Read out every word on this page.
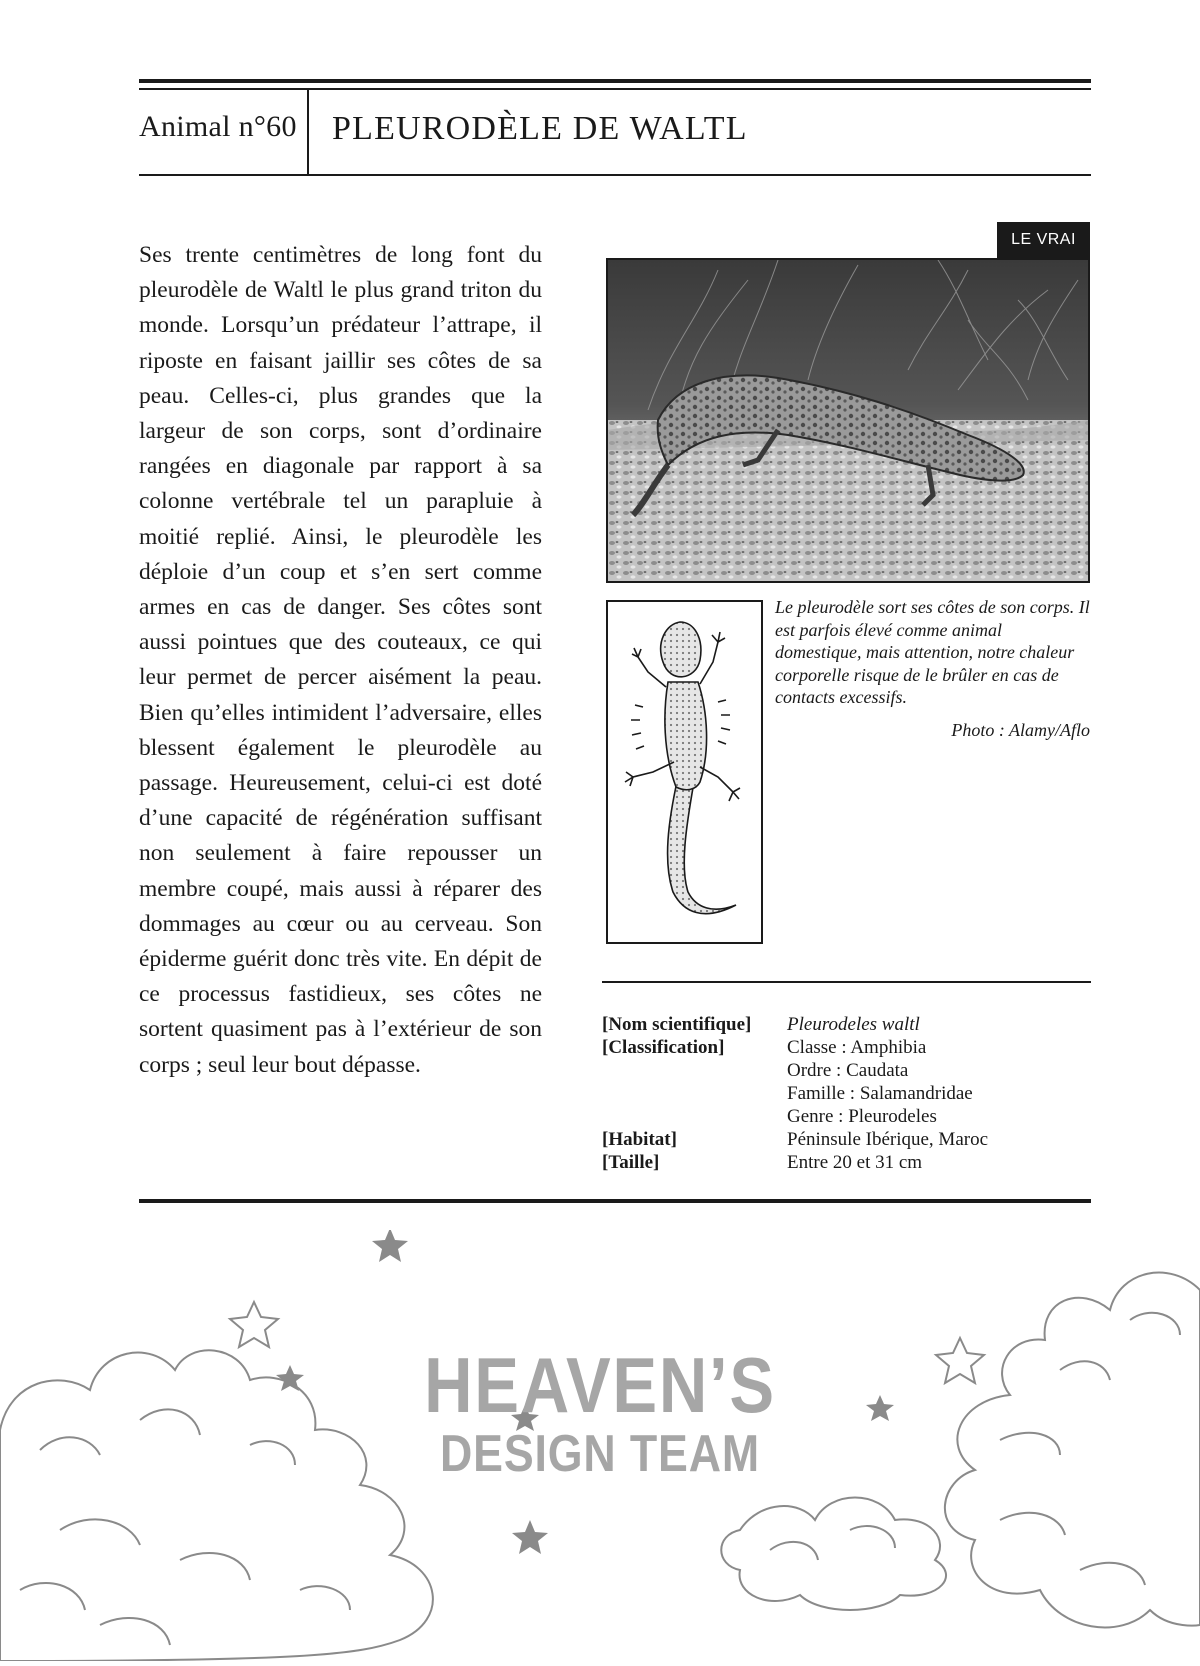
Animal n°60 PLEURODÈLE DE WALTL
Ses trente centimètres de long font du pleurodèle de Waltl le plus grand triton du monde. Lorsqu’un prédateur l’attrape, il riposte en faisant jaillir ses côtes de sa peau. Celles-ci, plus grandes que la largeur de son corps, sont d’ordinaire rangées en diagonale par rapport à sa colonne vertébrale tel un parapluie à moitié replié. Ainsi, le pleurodèle les déploie d’un coup et s’en sert comme armes en cas de danger. Ses côtes sont aussi pointues que des couteaux, ce qui leur permet de percer aisément la peau. Bien qu’elles intimident l’adversaire, elles blessent également le pleurodèle au passage. Heureusement, celui-ci est doté d’une capacité de régénération suffisant non seulement à faire repousser un membre coupé, mais aussi à réparer des dommages au cœur ou au cerveau. Son épiderme guérit donc très vite. En dépit de ce processus fastidieux, ses côtes ne sortent quasiment pas à l’extérieur de son corps ; seul leur bout dépasse.
LE VRAI
Le pleurodèle sort ses côtes de son corps. Il est parfois élevé comme animal domestique, mais attention, notre chaleur corporelle risque de le brûler en cas de contacts excessifs.
Photo : Alamy/Aflo
[Nom scientifique] Pleurodeles waltl
[Classification]	Classe : Amphibia
Ordre : Caudata
Famille : Salamandridae
Genre : Pleurodeles
[Habitat]	Péninsule Ibérique, Maroc
[Taille]	Entre 20 et 31 cm
HEAVEN’S
DESIGN TEAM
